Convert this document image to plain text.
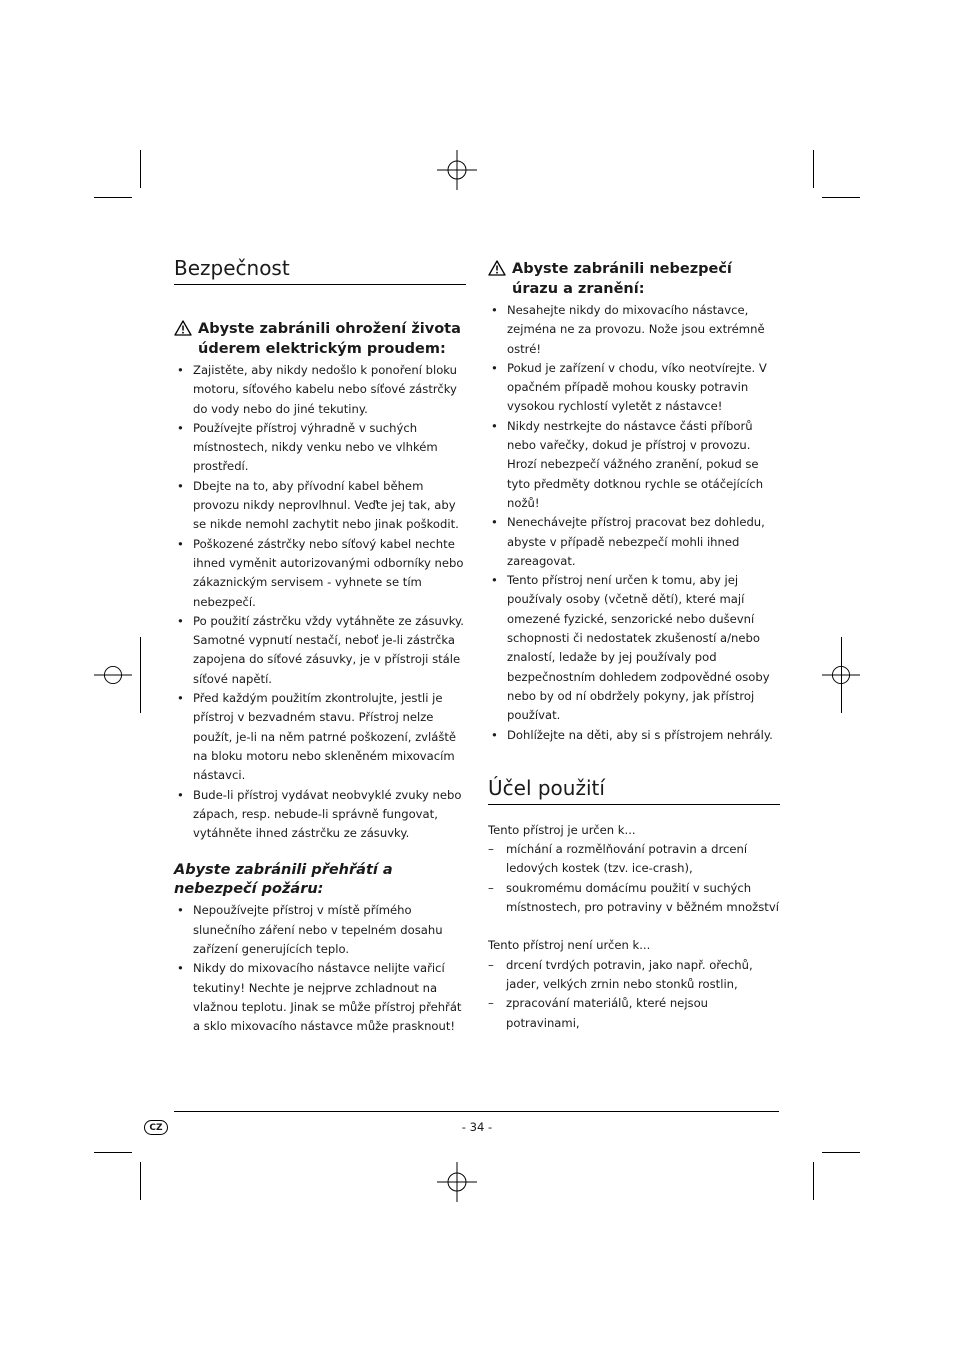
Bezpečnost
Abyste zabránili ohrožení života úderem elektrickým proudem:
• Zajistěte, aby nikdy nedošlo k ponoření bloku motoru, síťového kabelu nebo síťové zástrčky do vody nebo do jiné tekutiny.
• Používejte přístroj výhradně v suchých místnostech, nikdy venku nebo ve vlhkém prostředí.
• Dbejte na to, aby přívodní kabel během provozu nikdy neprovlhnul. Veďte jej tak, aby se nikde nemohl zachytit nebo jinak poškodit.
• Poškozené zástrčky nebo síťový kabel nechte ihned vyměnit autorizovanými odborníky nebo zákaznickým servisem - vyhnete se tím nebezpečí.
• Po použití zástrčku vždy vytáhněte ze zásuvky. Samotné vypnutí nestačí, neboť je-li zástrčka zapojena do síťové zásuvky, je v přístroji stále síťové napětí.
• Před každým použitím zkontrolujte, jestli je přístroj v bezvadném stavu. Přístroj nelze použít, je-li na něm patrné poškození, zvláště na bloku motoru nebo skleněném mixovacím nástavci.
• Bude-li přístroj vydávat neobvyklé zvuky nebo zápach, resp. nebude-li správně fungovat, vytáhněte ihned zástrčku ze zásuvky.
Abyste zabránili přehřátí a nebezpečí požáru:
• Nepoužívejte přístroj v místě přímého slunečního záření nebo v tepelném dosahu zařízení generujících teplo.
• Nikdy do mixovacího nástavce nelijte vařicí tekutiny! Nechte je nejprve zchladnout na vlažnou teplotu. Jinak se může přístroj přehřát a sklo mixovacího nástavce může prasknout!
Abyste zabránili nebezpečí úrazu a zranění:
• Nesahejte nikdy do mixovacího nástavce, zejména ne za provozu. Nože jsou extrémně ostré!
• Pokud je zařízení v chodu, víko neotvírejte. V opačném případě mohou kousky potravin vysokou rychlostí vyletět z nástavce!
• Nikdy nestrkejte do nástavce části příborů nebo vařečky, dokud je přístroj v provozu. Hrozí nebezpečí vážného zranění, pokud se tyto předměty dotknou rychle se otáčejících nožů!
• Nenechávejte přístroj pracovat bez dohledu, abyste v případě nebezpečí mohli ihned zareagovat.
• Tento přístroj není určen k tomu, aby jej používaly osoby (včetně dětí), které mají omezené fyzické, senzorické nebo duševní schopnosti či nedostatek zkušeností a/nebo znalostí, ledaže by jej používaly pod bezpečnostním dohledem zodpovědné osoby nebo by od ní obdržely pokyny, jak přístroj používat.
• Dohlížejte na děti, aby si s přístrojem nehrály.
Účel použití

Tento přístroj je určen k...

– míchání a rozmělňování potravin a drcení ledových kostek (tzv. ice-crash),
– soukromému domácímu použití v suchých místnostech, pro potraviny v běžném množství

Tento přístroj není určen k...

– drcení tvrdých potravin, jako např. ořechů, jader, velkých zrnin nebo stonků rostlin,
– zpracování materiálů, které nejsou potravinami,
CZ	- 34 -
